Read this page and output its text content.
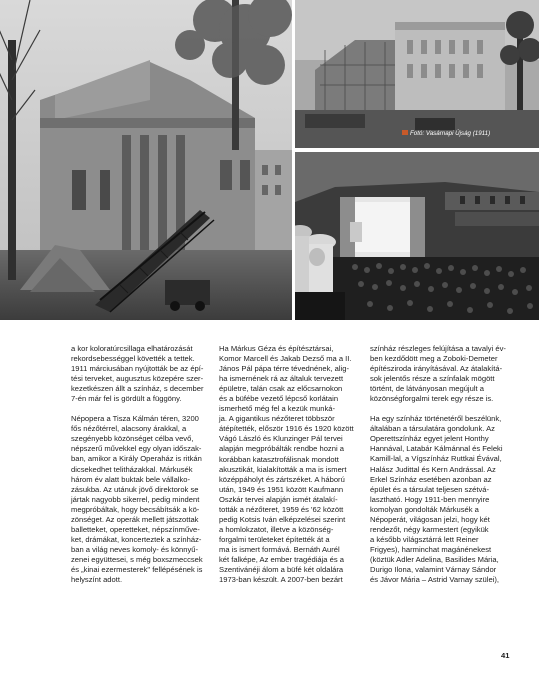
Fotó: Vasárnapi Újság (1911)

a kor koloratúrcsillaga elhatározását
rekordsebességgel követték a tettek.
1911 márciusában nyújtották be az épí-
tési terveket, augusztus közepére szer-
kezetkészen állt a színház, s december
7-én már fel is gördült a függöny.

Népopera a Tisza Kálmán téren, 3200
fős nézőtérrel, alacsony árakkal, a
szegényebb közönséget célba vevő,
népszerű művekkel egy olyan időszak-
ban, amikor a Király Operaház is ritkán
dicsekedhet telitházakkal. Márkusék
három év alatt buktak bele vállalko-
zásukba. Az utánuk jövő direktorok se
jártak nagyobb sikerrel, pedig mindent
megpróbáltak, hogy becsábítsák a kö-
zönséget. Az operák mellett játszottak
balletteket, operetteket, népszínműve-
ket, drámákat, koncerteztek a színház-
ban a világ neves komoly- és könnyű-
zenei együttesei, s még boxszmeccsek
és „kinai ezermesterek" fellépésének is
helyszínt adott.

Ha Márkus Géza és építésztársai,
Komor Marcell és Jakab Dezső ma a II.
János Pál pápa térre tévednének, alig-
ha ismernének rá az általuk tervezett
épületre, talán csak az előcsarnokon
és a büfébe vezető lépcső korlátain
ismerhető még fel a kezük munká-
ja. A gigantikus nézőteret többször
átépítették, először 1916 és 1920 között
Vágó László és Klunzinger Pál tervei
alapján megpróbálták rendbe hozni a
korábban katasztrofálisnak mondott
akusztikát, kialakították a ma is ismert
középpáholyt és zártszéket. A háború
után, 1949 és 1951 között Kaufmann
Oszkár tervei alapján ismét átalakí-
tották a nézőteret, 1959 és '62 között
pedig Kotsis Iván elképzelései szerint
a homlokzatot, illetve a közönség-
forgalmi területeket építették át a
ma is ismert formává. Bernáth Aurél
két falképe, Az ember tragédiája és a
Szentivánéji álom a büfé két oldalára
1973-ban készült. A 2007-ben bezárt

színház részleges felújítása a tavalyi év-
ben kezdődött meg a Zoboki-Demeter
építésziroda irányításával. Az átalakítá-
sok jelentős része a színfalak mögött
történt, de látványosan megújult a
közönségforgalmi terek egy része is.

Ha egy színház történetéről beszélünk,
általában a társulatára gondolunk. Az
Operettszínház egyet jelent Honthy
Hannával, Latabár Kálmánnal és Feleki
Kamill-lal, a Vígszínház Ruttkai Évával,
Halász Judittal és Kern Andrással. Az
Erkel Színház esetében azonban az
épület és a társulat teljesen szétvá-
lasztható. Hogy 1911-ben mennyire
komolyan gondolták Márkusék a
Népoperát, világosan jelzi, hogy két
rendezőt, négy karmestert (egyikük
a később világsztárrá lett Reiner
Frigyes), harminchat magánénekest
(köztük Adler Adelina, Basilides Mária,
Durigo Ilona, valamint Várnay Sándor
és Jávor Mária – Astrid Varnay szülei),

41
